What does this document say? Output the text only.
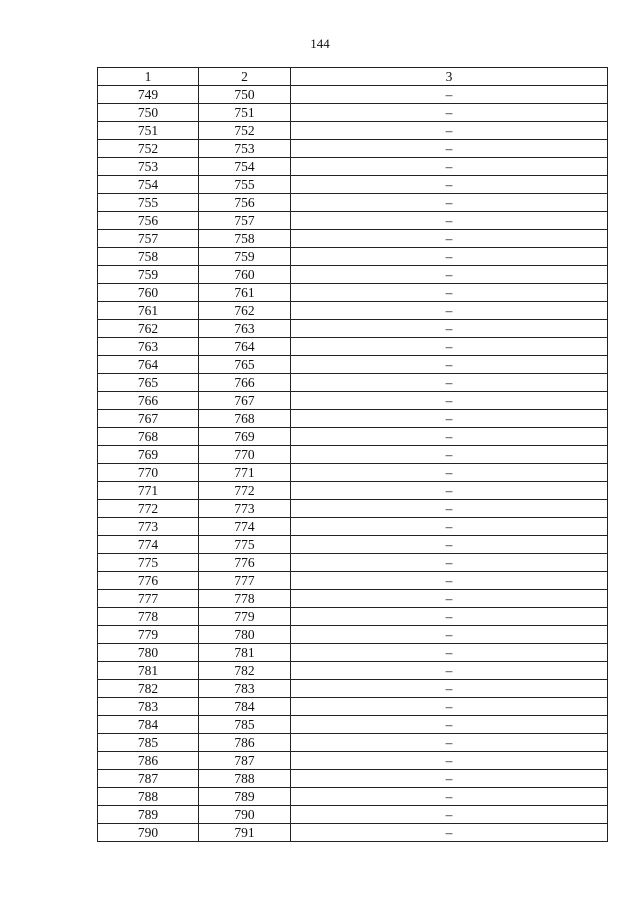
144
1	2	3
749	750	–
750	751	–
751	752	–
752	753	–
753	754	–
754	755	–
755	756	–
756	757	–
757	758	–
758	759	–
759	760	–
760	761	–
761	762	–
762	763	–
763	764	–
764	765	–
765	766	–
766	767	–
767	768	–
768	769	–
769	770	–
770	771	–
771	772	–
772	773	–
773	774	–
774	775	–
775	776	–
776	777	–
777	778	–
778	779	–
779	780	–
780	781	–
781	782	–
782	783	–
783	784	–
784	785	–
785	786	–
786	787	–
787	788	–
788	789	–
789	790	–
790	791	–
